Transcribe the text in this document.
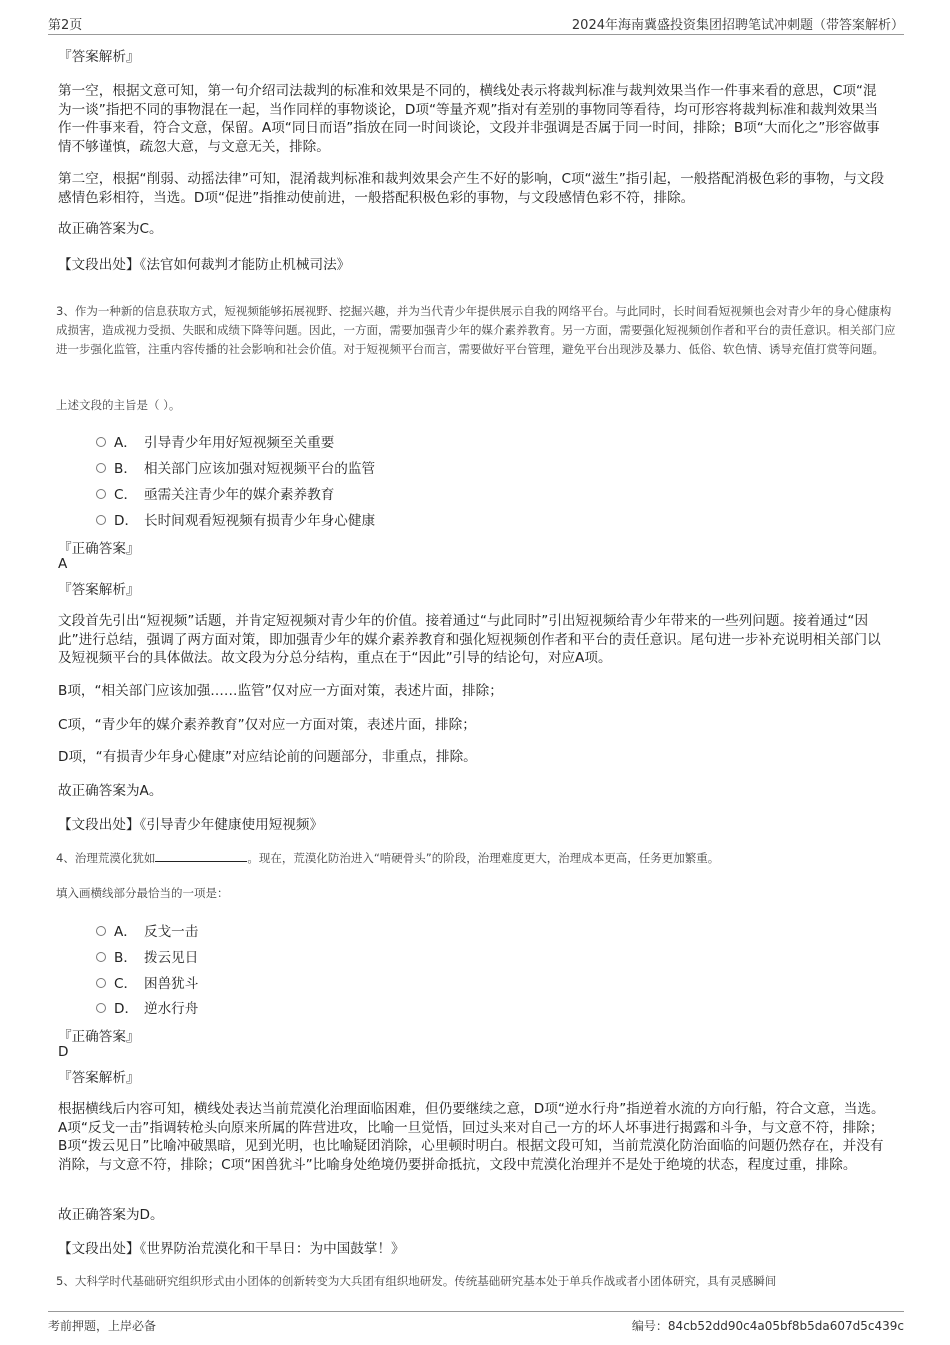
第2页	2024年海南冀盛投资集团招聘笔试冲刺题（带答案解析）

『答案解析』

第一空，根据文意可知，第一句介绍司法裁判的标准和效果是不同的，横线处表示将裁判标准与裁判效果当作一件事来看的意思，C项“混为一谈”指把不同的事物混在一起，当作同样的事物谈论，D项“等量齐观”指对有差别的事物同等看待，均可形容将裁判标准和裁判效果当作一件事来看，符合文意，保留。A项“同日而语”指放在同一时间谈论，文段并非强调是否属于同一时间，排除；B项“大而化之”形容做事情不够谨慎，疏忽大意，与文意无关，排除。

第二空，根据“削弱、动摇法律”可知，混淆裁判标准和裁判效果会产生不好的影响，C项“滋生”指引起，一般搭配消极色彩的事物，与文段感情色彩相符，当选。D项“促进”指推动使前进，一般搭配积极色彩的事物，与文段感情色彩不符，排除。

故正确答案为C。

【文段出处】《法官如何裁判才能防止机械司法》

3、作为一种新的信息获取方式，短视频能够拓展视野、挖掘兴趣，并为当代青少年提供展示自我的网络平台。与此同时，长时间看短视频也会对青少年的身心健康构成损害，造成视力受损、失眠和成绩下降等问题。因此，一方面，需要加强青少年的媒介素养教育。另一方面，需要强化短视频创作者和平台的责任意识。相关部门应进一步强化监管，注重内容传播的社会影响和社会价值。对于短视频平台而言，需要做好平台管理，避免平台出现涉及暴力、低俗、软色情、诱导充值打赏等问题。

上述文段的主旨是（ ）。

A． 引导青少年用好短视频至关重要
B． 相关部门应该加强对短视频平台的监管
C． 亟需关注青少年的媒介素养教育
D． 长时间观看短视频有损青少年身心健康
『正确答案』
A
『答案解析』

文段首先引出“短视频”话题，并肯定短视频对青少年的价值。接着通过“与此同时”引出短视频给青少年带来的一些列问题。接着通过“因此”进行总结，强调了两方面对策，即加强青少年的媒介素养教育和强化短视频创作者和平台的责任意识。尾句进一步补充说明相关部门以及短视频平台的具体做法。故文段为分总分结构，重点在于“因此”引导的结论句，对应A项。

B项，“相关部门应该加强……监管”仅对应一方面对策，表述片面，排除；

C项，“青少年的媒介素养教育”仅对应一方面对策，表述片面，排除；

D项，“有损青少年身心健康”对应结论前的问题部分，非重点，排除。

故正确答案为A。

【文段出处】《引导青少年健康使用短视频》

4、治理荒漠化犹如	。现在，荒漠化防治进入“啃硬骨头”的阶段，治理难度更大，治理成本更高，任务更加繁重。

填入画横线部分最恰当的一项是：

A． 反戈一击
B． 拨云见日
C． 困兽犹斗
D． 逆水行舟
『正确答案』
D
『答案解析』

根据横线后内容可知，横线处表达当前荒漠化治理面临困难，但仍要继续之意，D项“逆水行舟”指逆着水流的方向行船，符合文意，当选。A项“反戈一击”指调转枪头向原来所属的阵营进攻，比喻一旦觉悟，回过头来对自己一方的坏人坏事进行揭露和斗争，与文意不符，排除；B项“拨云见日”比喻冲破黑暗，见到光明，也比喻疑团消除，心里顿时明白。根据文段可知，当前荒漠化防治面临的问题仍然存在，并没有消除，与文意不符，排除；C项“困兽犹斗”比喻身处绝境仍要拼命抵抗，文段中荒漠化治理并不是处于绝境的状态，程度过重，排除。

故正确答案为D。

【文段出处】《世界防治荒漠化和干旱日：为中国鼓掌！》

5、大科学时代基础研究组织形式由小团体的创新转变为大兵团有组织地研发。传统基础研究基本处于单兵作战或者小团体研究，具有灵感瞬间

考前押题，上岸必备	编号：84cb52dd90c4a05bf8b5da607d5c439c
